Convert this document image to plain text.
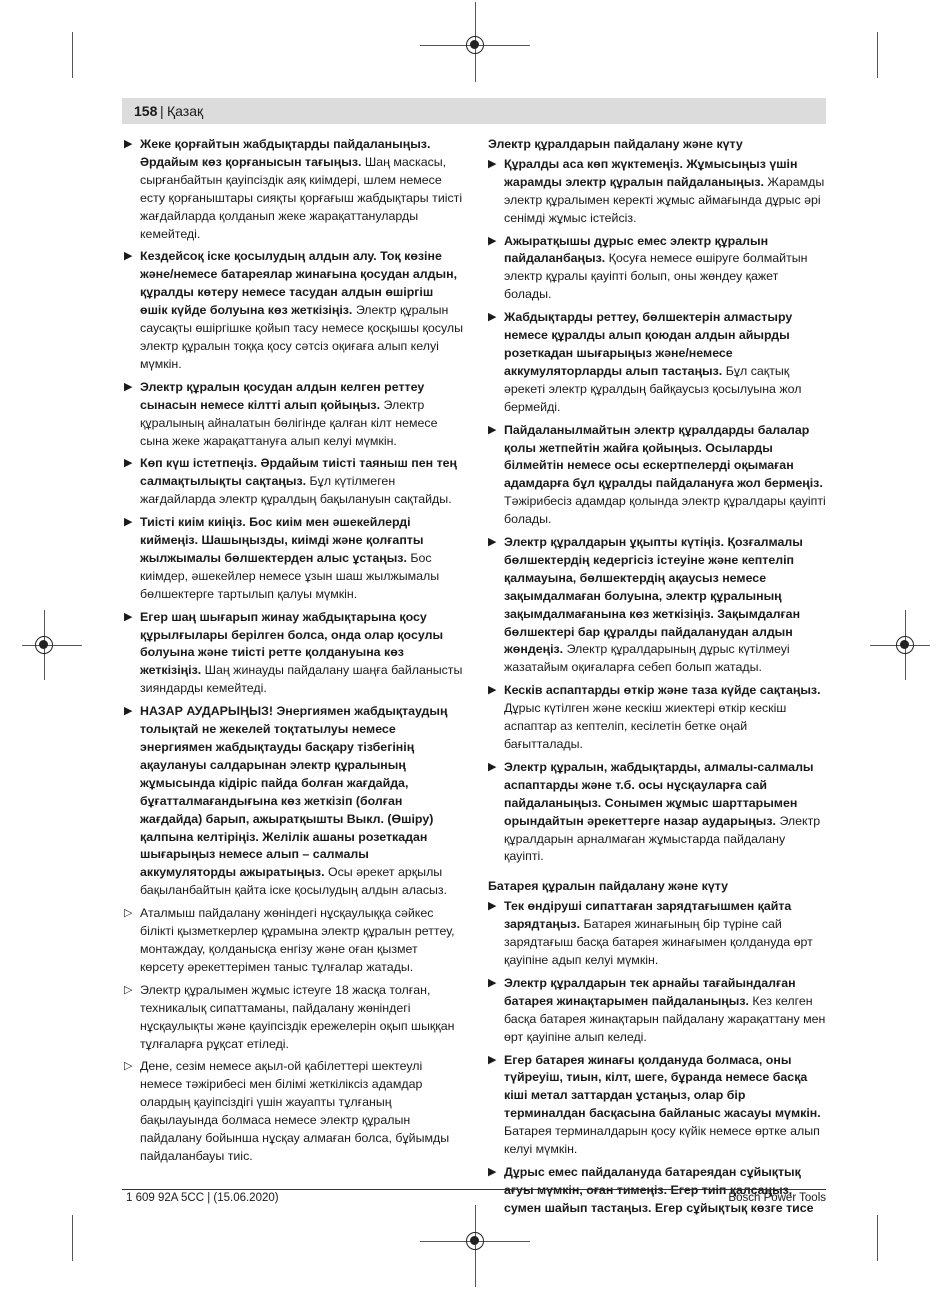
158 | Қазақ
▶ Жеке қорғайтын жабдықтарды пайдаланыңыз. Әрдайым көз қорғанысын тағыңыз. Шаң маскасы, сырғанбайтын қауіпсіздік аяқ киімдері, шлем немесе есту қорғаныштары сияқты қорғағыш жабдықтары тиісті жағдайларда қолданып жеке жарақаттануларды кемейтеді.
▶ Кездейсоқ іске қосылудың алдын алу. Тоқ көзіне және/немесе батареялар жинағына қосудан алдын, құралды көтеру немесе тасудан алдын өшіргіш өшік күйде болуына көз жеткізіңіз. Электр құралын саусақты өшіргішке қойып тасу немесе қосқышы қосулы электр құралын тоққа қосу сәтсіз оқиғаға алып келуі мүмкін.
▶ Электр құралын қосудан алдын келген реттеу сынасын немесе кілтті алып қойыңыз. Электр құралының айналатын бөлігінде қалған кілт немесе сына жеке жарақаттануға алып келуі мүмкін.
▶ Көп күш істетпеңіз. Әрдайым тиісті таяныш пен тең салмақтылықты сақтаңыз. Бұл күтілмеген жағдайларда электр құралдың бақылануын сақтайды.
▶ Тиісті киім киіңіз. Бос киім мен әшекейлерді киймеңіз. Шашыңызды, киімді және қолғапты жылжымалы бөлшектерден алыс ұстаңыз. Бос киімдер, әшекейлер немесе ұзын шаш жылжымалы бөлшектерге тартылып қалуы мүмкін.
▶ Егер шаң шығарып жинау жабдықтарына қосу құрылғылары берілген болса, онда олар қосулы болуына және тиісті ретте қолдануына көз жеткізіңіз. Шаң жинауды пайдалану шаңға байланысты зияндарды кемейтеді.
▶ НАЗАР АУДАРЫҢЫЗ! Энергиямен жабдықтаудың толықтай не жекелей тоқтатылуы немесе энергиямен жабдықтауды басқару тізбегінің ақаулануы салдарынан электр құралының жұмысында кідіріс пайда болған жағдайда, бұғатталмағандығына көз жеткізіп (болған жағдайда) барып, ажыратқышты Выкл. (Өшіру) қалпына келтіріңіз. Желілік ашаны розеткадан шығарыңыз немесе алып – салмалы аккумуляторды ажыратыңыз. Осы әрекет арқылы бақыланбайтын қайта іске қосылудың алдын аласыз.
▷ Аталмыш пайдалану жөніндегі нұсқаулыққа сәйкес білікті қызметкерлер құрамына электр құралын реттеу, монтаждау, қолданысқа енгізу және оған қызмет көрсету әрекеттерімен таныс тұлғалар жатады.
▷ Электр құралымен жұмыс істеуге 18 жасқа толған, техникалық сипаттаманы, пайдалану жөніндегі нұсқаулықты және қауіпсіздік ережелерін оқып шыққан тұлғаларға рұқсат етіледі.
▷ Дене, сезім немесе ақыл-ой қабілеттері шектеулі немесе тәжірибесі мен білімі жеткіліксіз адамдар олардың қауіпсіздігі үшін жауапты тұлғаның бақылауында болмаса немесе электр құралын пайдалану бойынша нұсқау алмаған болса, бұйымды пайдаланбауы тиіс.
Электр құралдарын пайдалану және күту
▶ Құралды аса көп жүктемеңіз. Жұмысыңыз үшін жарамды электр құралын пайдаланыңыз. Жарамды электр құралымен керекті жұмыс аймағында дұрыс әрі сенімді жұмыс істейсіз.
▶ Ажыратқышы дұрыс емес электр құралын пайдаланбаңыз. Қосуға немесе өшіруге болмайтын электр құралы қауіпті болып, оны жөндеу қажет болады.
▶ Жабдықтарды реттеу, бөлшектерін алмастыру немесе құралды алып қоюдан алдын айырды розеткадан шығарыңыз және/немесе аккумуляторларды алып тастаңыз. Бұл сақтық әрекеті электр құралдың байқаусыз қосылуына жол бермейді.
▶ Пайдаланылмайтын электр құралдарды балалар қолы жетпейтін жайға қойыңыз. Осыларды білмейтін немесе осы ескертпелерді оқымаған адамдарға бұл құралды пайдалануға жол бермеңіз. Тәжірибесіз адамдар қолында электр құралдары қауіпті болады.
▶ Электр құралдарын ұқыпты күтіңіз. Қозғалмалы бөлшектердің кедергісіз істеуіне және кептеліп қалмауына, бөлшектердің ақаусыз немесе зақымдалмаған болуына, электр құралының зақымдалмағанына көз жеткізіңіз. Зақымдалған бөлшектері бар құралды пайдаланудан алдын жөндеңіз. Электр құралдарының дұрыс күтілмеуі жазатайым оқиғаларға себеп болып жатады.
▶ Кесків аспаптарды өткір және таза күйде сақтаңыз. Дұрыс күтілген және кескіш жиектері өткір кескіш аспаптар аз кептеліп, кесілетін бетке оңай бағытталады.
▶ Электр құралын, жабдықтарды, алмалы-салмалы аспаптарды және т.б. осы нұсқауларға сай пайдаланыңыз. Сонымен жұмыс шарттарымен орындайтын әрекеттерге назар аударыңыз. Электр құралдарын арналмаған жұмыстарда пайдалану қауіпті.
Батарея құралын пайдалану және күту
▶ Тек өндіруші сипаттаған зарядтағышмен қайта зарядтаңыз. Батарея жинағының бір түріне сай зарядтағыш басқа батарея жинағымен қолдануда өрт қауіпіне адып келуі мүмкін.
▶ Электр құралдарын тек арнайы тағайындалған батарея жинақтарымен пайдаланыңыз. Кез келген басқа батарея жинақтарын пайдалану жарақаттану мен өрт қауіпіне алып келеді.
▶ Егер батарея жинағы қолдануда болмаса, оны түйреуіш, тиын, кілт, шеге, бұранда немесе басқа кіші метал заттардан ұстаңыз, олар бір терминалдан басқасына байланыс жасауы мүмкін. Батарея терминалдарын қосу күйік немесе өртке алып келуі мүмкін.
▶ Дұрыс емес пайдалануда батареядан сұйықтық сумен шайып тастаңыз. Егер сұйықтық көзге тисе
1 609 92A 5CC | (15.06.2020)	Bosch Power Tools
